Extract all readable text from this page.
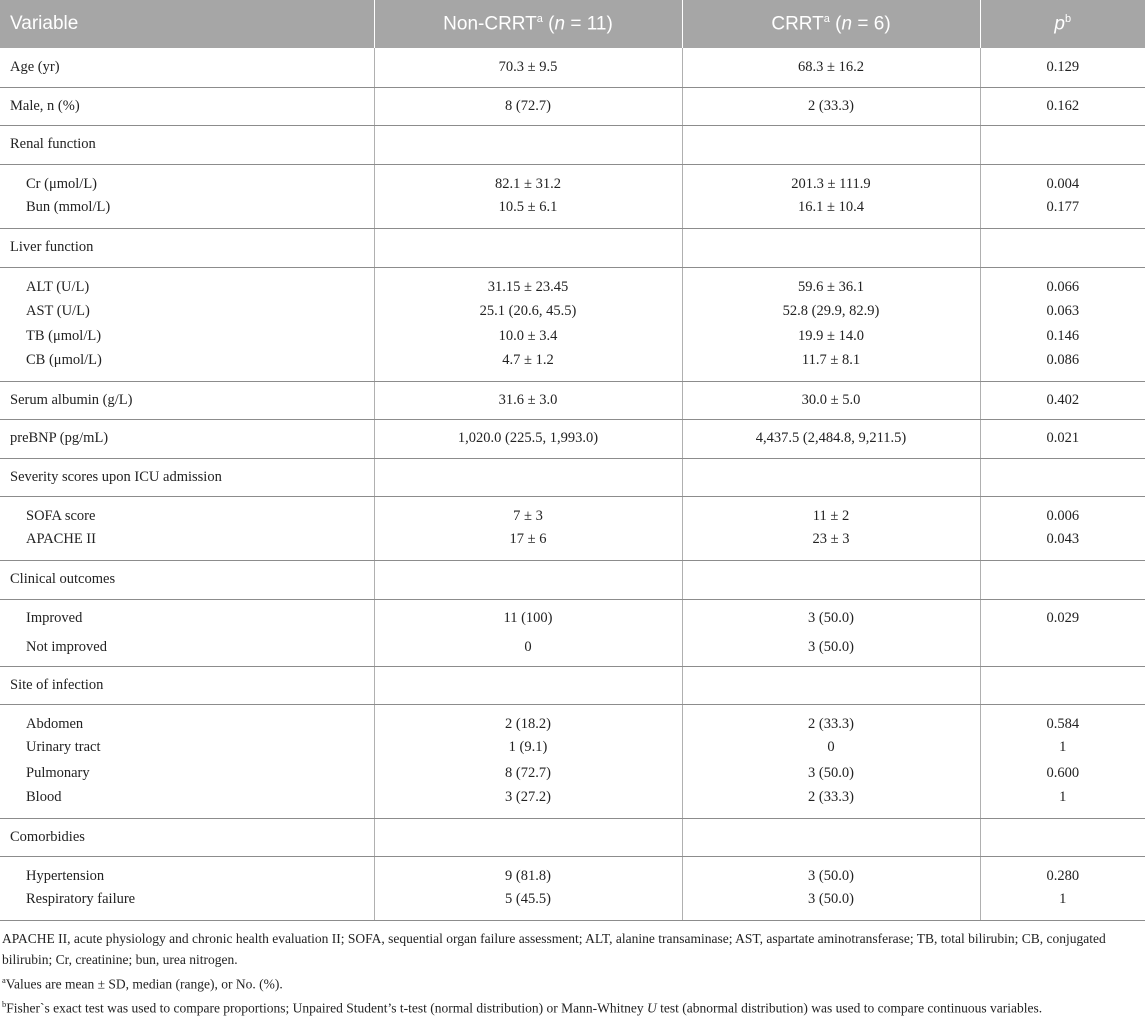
Variable	Non-CRRT$^a$ (n = 11)	CRRT$^a$ (n = 6)	$p^b$
Age (yr)	70.3 ± 9.5	68.3 ± 16.2	0.129
Male, n (%)	8 (72.7)	2 (33.3)	0.162
Renal function			
Cr (μmol/L)	82.1 ± 31.2	201.3 ± 111.9	0.004
Bun (mmol/L)	10.5 ± 6.1	16.1 ± 10.4	0.177
Liver function			
ALT (U/L)	31.15 ± 23.45	59.6 ± 36.1	0.066
AST (U/L)	25.1 (20.6, 45.5)	52.8 (29.9, 82.9)	0.063
TB (μmol/L)	10.0 ± 3.4	19.9 ± 14.0	0.146
CB (μmol/L)	4.7 ± 1.2	11.7 ± 8.1	0.086
Serum albumin (g/L)	31.6 ± 3.0	30.0 ± 5.0	0.402
preBNP (pg/mL)	1,020.0 (225.5, 1,993.0)	4,437.5 (2,484.8, 9,211.5)	0.021
Severity scores upon ICU admission			
SOFA score	7 ± 3	11 ± 2	0.006
APACHE II	17 ± 6	23 ± 3	0.043
Clinical outcomes			
Improved	11 (100)	3 (50.0)	0.029
Not improved	0	3 (50.0)	
Site of infection			
Abdomen	2 (18.2)	2 (33.3)	0.584
Urinary tract	1 (9.1)	0	1
Pulmonary	8 (72.7)	3 (50.0)	0.600
Blood	3 (27.2)	2 (33.3)	1
Comorbidies			
Hypertension	9 (81.8)	3 (50.0)	0.280
Respiratory failure	5 (45.5)	3 (50.0)	1

APACHE II, acute physiology and chronic health evaluation II; SOFA, sequential organ failure assessment; ALT, alanine transaminase; AST, aspartate aminotransferase; TB, total bilirubin; CB, conjugated bilirubin; Cr, creatinine; bun, urea nitrogen.

$^a$Values are mean ± SD, median (range), or No. (%).

$^b$Fisher`s exact test was used to compare proportions; Unpaired Student’s t-test (normal distribution) or Mann-Whitney U test (abnormal distribution) was used to compare continuous variables.
